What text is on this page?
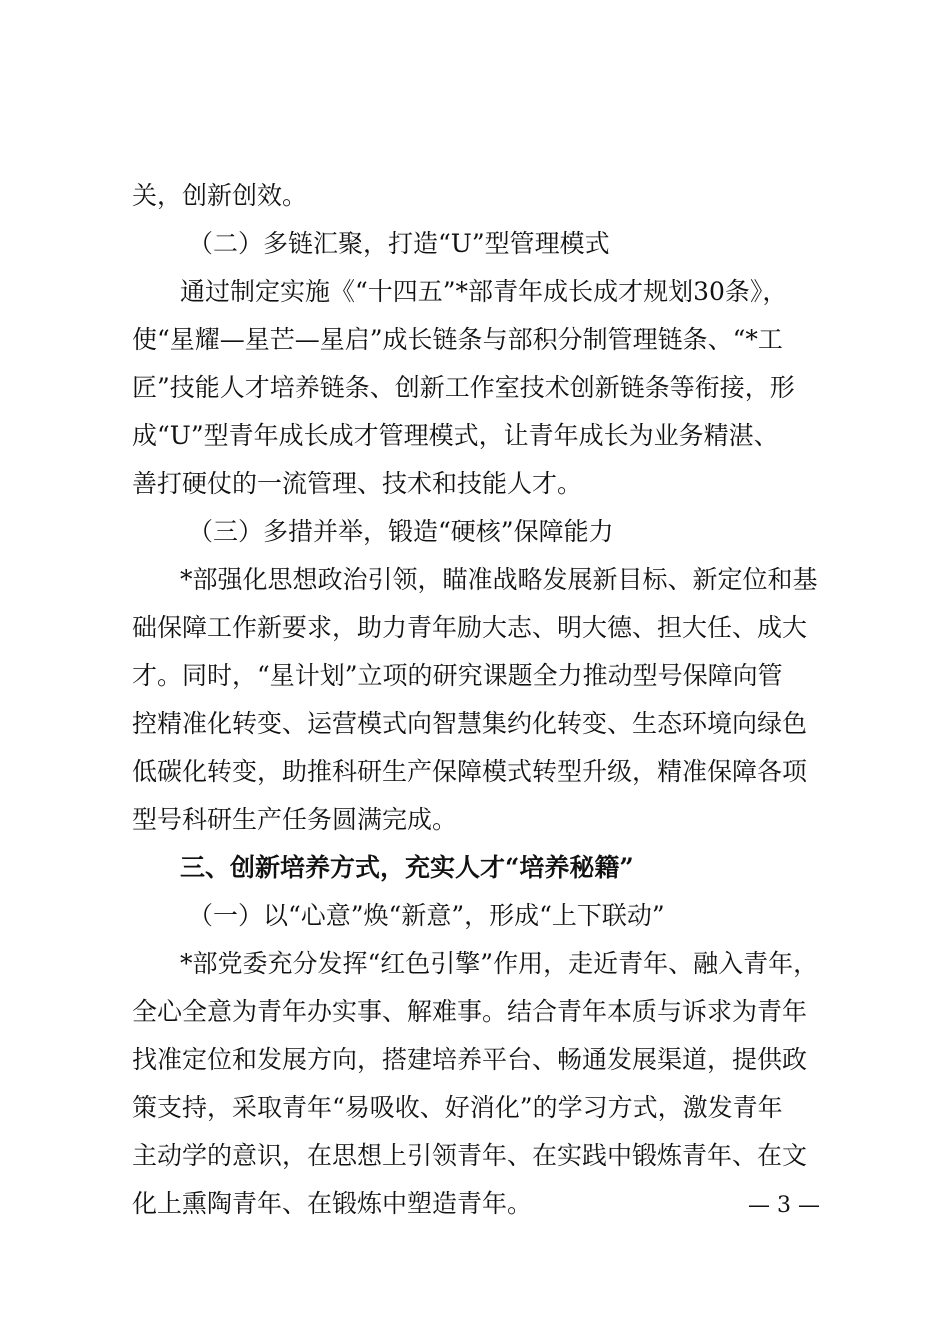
关，创新创效。
（二）多链汇聚，打造“U”型管理模式
通过制定实施《“十四五”*部青年成长成才规划30条》，
使“星耀—星芒—星启”成长链条与部积分制管理链条、“*工
匠”技能人才培养链条、创新工作室技术创新链条等衔接，形
成“U”型青年成长成才管理模式，让青年成长为业务精湛、
善打硬仗的一流管理、技术和技能人才。
（三）多措并举，锻造“硬核”保障能力
*部强化思想政治引领，瞄准战略发展新目标、新定位和基
础保障工作新要求，助力青年励大志、明大德、担大任、成大
才。同时，“星计划”立项的研究课题全力推动型号保障向管
控精准化转变、运营模式向智慧集约化转变、生态环境向绿色
低碳化转变，助推科研生产保障模式转型升级，精准保障各项
型号科研生产任务圆满完成。
三、创新培养方式，充实人才“培养秘籍”
（一）以“心意”焕“新意”，形成“上下联动”
*部党委充分发挥“红色引擎”作用，走近青年、融入青年，
全心全意为青年办实事、解难事。结合青年本质与诉求为青年
找准定位和发展方向，搭建培养平台、畅通发展渠道，提供政
策支持，采取青年“易吸收、好消化”的学习方式，激发青年
主动学的意识，在思想上引领青年、在实践中锻炼青年、在文
化上熏陶青年、在锻炼中塑造青年。	— 3 —
